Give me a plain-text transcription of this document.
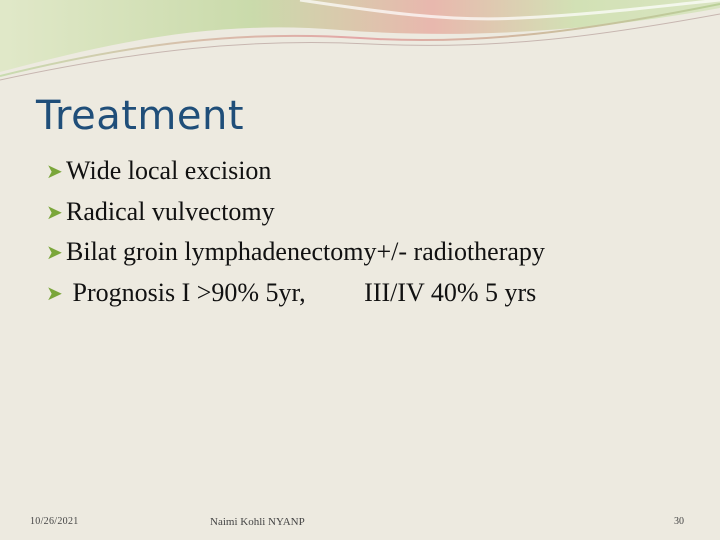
Treatment
➤ Wide local excision
➤ Radical vulvectomy
➤ Bilat groin lymphadenectomy+/- radiotherapy
➤ Prognosis I >90% 5yr,         III/IV 40% 5 yrs
10/26/2021	Naimi Kohli NYANP	30
